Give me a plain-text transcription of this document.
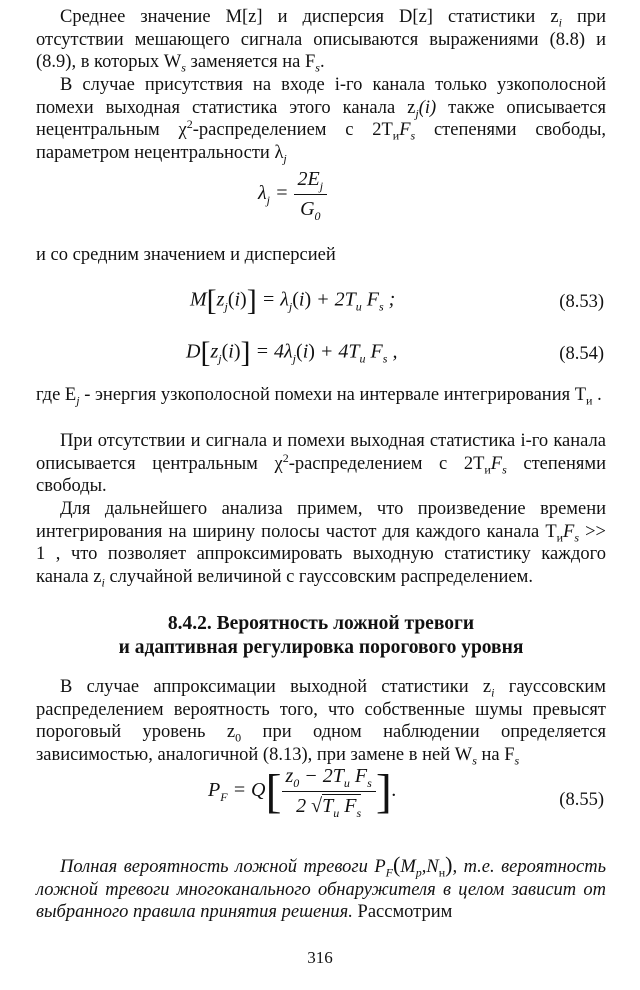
Среднее значение M[z] и дисперсия D[z] статистики $z_i$ при отсутствии мешающего сигнала описываются выражениями (8.8) и (8.9), в которых $W_s$ заменяется на $F_s$.

В случае присутствия на входе i-го канала только узкополосной помехи выходная статистика этого канала $z_j(i)$ также описывается нецентральным $\chi^2$-распределением с $2T_иF_s$ степенями свободы, параметром нецентральности $\lambda_j$

$\lambda_j = \frac{2E_j}{G_0}$

и со средним значением и дисперсией

$M[z_j(i)] = \lambda_j(i) + 2T_и$ $F_s$ ;	(8.53)
$D[z_j(i)] = 4\lambda_j(i) + 4T_и$ $F_s$ ,	(8.54)

где $E_j$ - энергия узкополосной помехи на интервале интегрирования $T_и$ .

При отсутствии и сигнала и помехи выходная статистика i-го канала описывается центральным $\chi^2$-распределением с $2T_иF_s$ степенями свободы.

Для дальнейшего анализа примем, что произведение времени интегрирования на ширину полосы частот для каждого канала $T_иF_s >> 1$ , что позволяет аппроксимировать выходную статистику каждого канала $z_i$ случайной величиной с гауссовским распределением.

8.4.2. Вероятность ложной тревоги
и адаптивная регулировка порогового уровня

В случае аппроксимации выходной статистики $z_i$ гауссовским распределением вероятность того, что собственные шумы превысят пороговый уровень $z_0$ при одном наблюдении определяется зависимостью, аналогичной (8.13), при замене в ней $W_s$ на $F_s$

$P_F = Q[ \frac{z_0 - 2T_и F_s}{2 √T_и F_s}$ ].	(8.55)

Полная вероятность ложной тревоги $P_F(M_p,N_н)$, т.е. вероятность ложной тревоги многоканального обнаружителя в целом зависит от выбранного правила принятия решения. Рассмотрим

316
